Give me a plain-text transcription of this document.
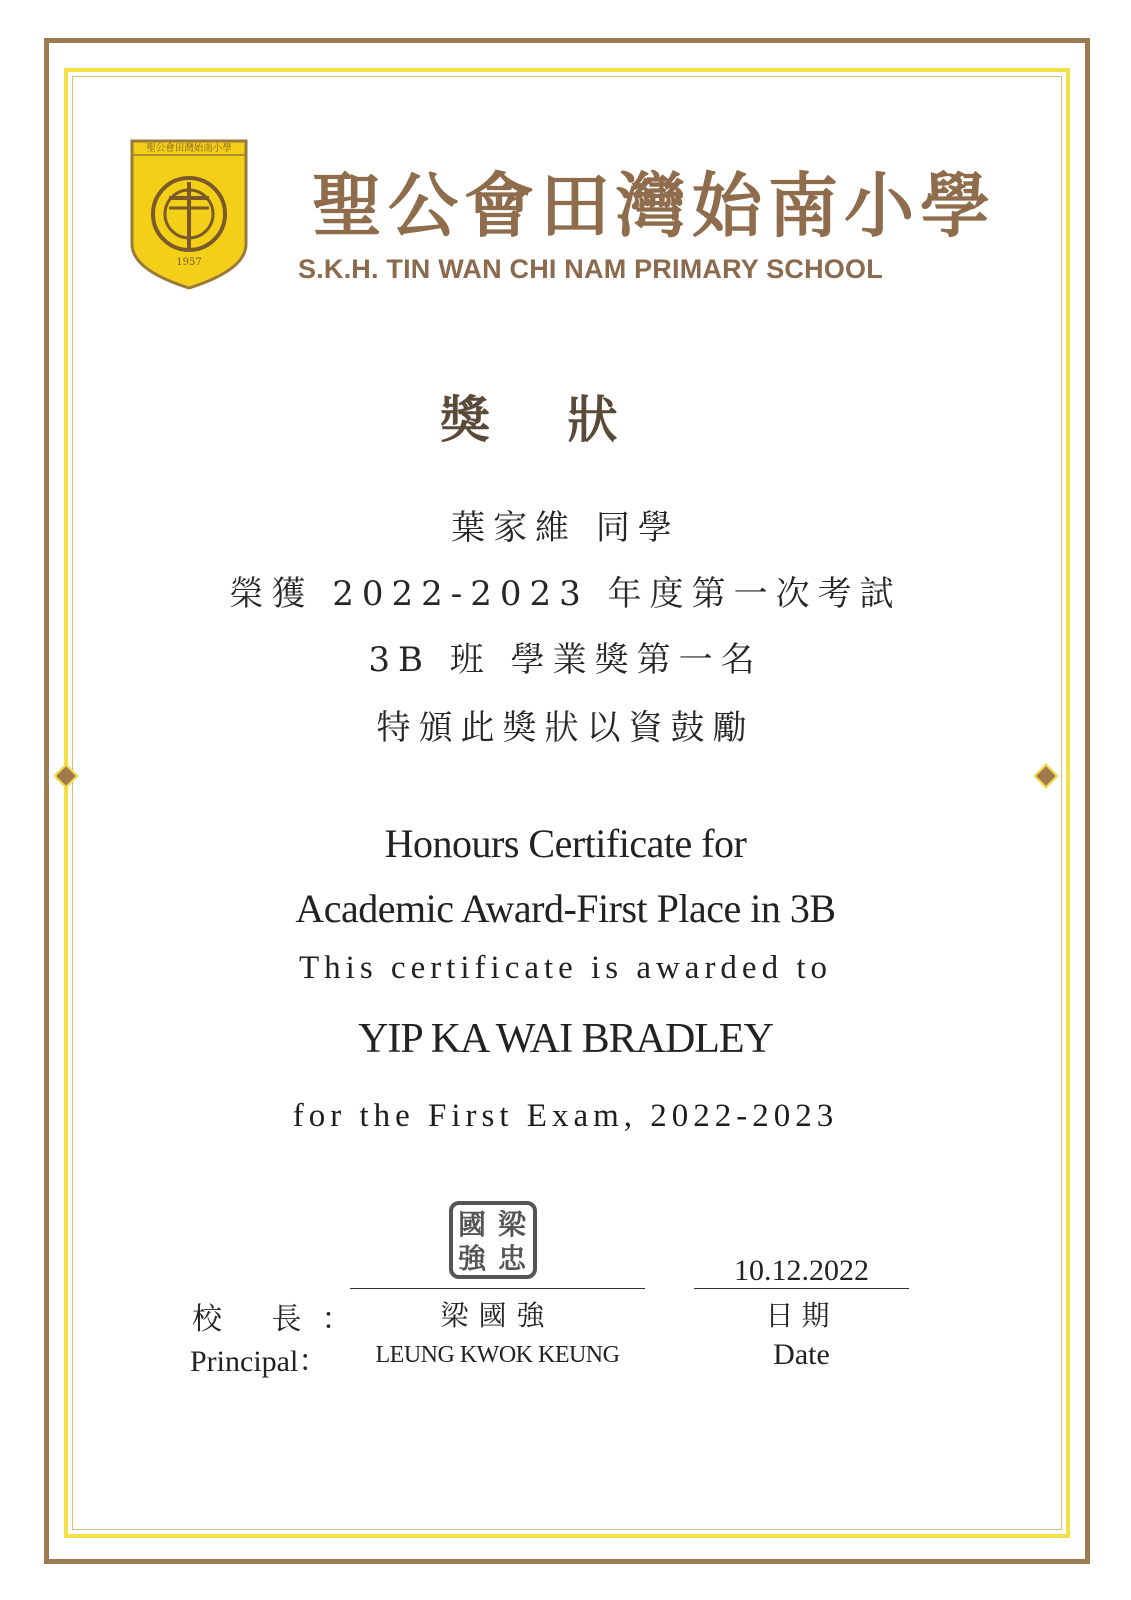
聖公會田灣始南小學
1957
聖公會田灣始南小學
S.K.H. TIN WAN CHI NAM PRIMARY SCHOOL
獎 狀
葉家維 同學
榮獲 2022-2023 年度第一次考試
3B 班 學業獎第一名
特頒此獎狀以資鼓勵
Honours Certificate for
Academic Award-First Place in 3B
This certificate is awarded to
YIP KA WAI BRADLEY
for the First Exam, 2022-2023
國 梁
強 忠	10.12.2022
校 長：
Principal：
梁國強
LEUNG KWOK KEUNG
日期
Date
